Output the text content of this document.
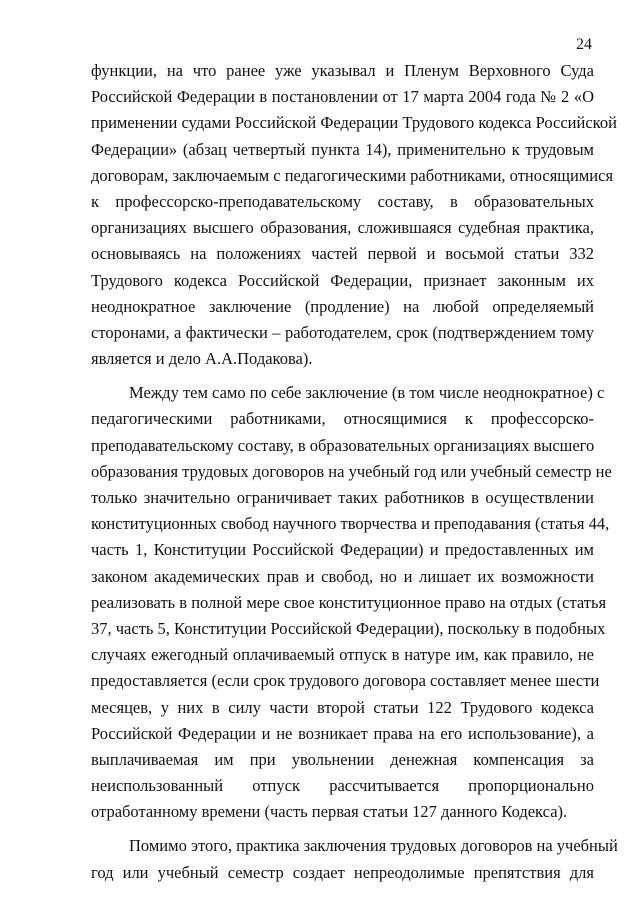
24
функции, на что ранее уже указывал и Пленум Верховного Суда
Российской Федерации в постановлении от 17 марта 2004 года № 2 «О
применении судами Российской Федерации Трудового кодекса Российской
Федерации» (абзац четвертый пункта 14), применительно к трудовым
договорам, заключаемым с педагогическими работниками, относящимися
к профессорско-преподавательскому составу, в образовательных
организациях высшего образования, сложившаяся судебная практика,
основываясь на положениях частей первой и восьмой статьи 332
Трудового кодекса Российской Федерации, признает законным их
неоднократное заключение (продление) на любой определяемый
сторонами, а фактически – работодателем, срок (подтверждением тому
является и дело А.А.Подакова).
Между тем само по себе заключение (в том числе неоднократное) с
педагогическими работниками, относящимися к профессорско-
преподавательскому составу, в образовательных организациях высшего
образования трудовых договоров на учебный год или учебный семестр не
только значительно ограничивает таких работников в осуществлении
конституционных свобод научного творчества и преподавания (статья 44,
часть 1, Конституции Российской Федерации) и предоставленных им
законом академических прав и свобод, но и лишает их возможности
реализовать в полной мере свое конституционное право на отдых (статья
37, часть 5, Конституции Российской Федерации), поскольку в подобных
случаях ежегодный оплачиваемый отпуск в натуре им, как правило, не
предоставляется (если срок трудового договора составляет менее шести
месяцев, у них в силу части второй статьи 122 Трудового кодекса
Российской Федерации и не возникает права на его использование), а
выплачиваемая им при увольнении денежная компенсация за
неиспользованный отпуск рассчитывается пропорционально
отработанному времени (часть первая статьи 127 данного Кодекса).
Помимо этого, практика заключения трудовых договоров на учебный
год или учебный семестр создает непреодолимые препятствия для
